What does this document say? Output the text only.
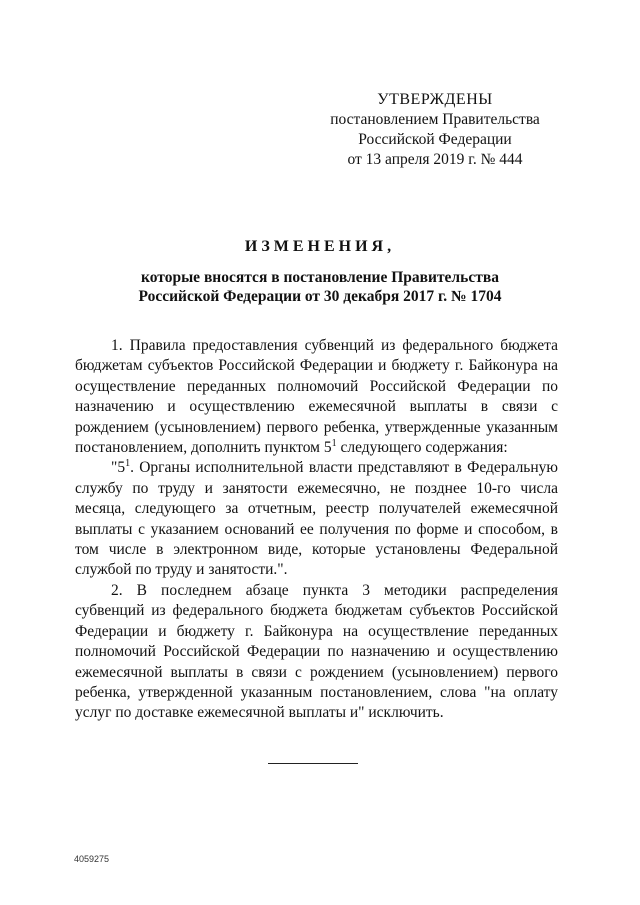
УТВЕРЖДЕНЫ
постановлением Правительства
Российской Федерации
от 13 апреля 2019 г. № 444
ИЗМЕНЕНИЯ,
которые вносятся в постановление Правительства
Российской Федерации от 30 декабря 2017 г. № 1704

1. Правила предоставления субвенций из федерального бюджета бюджетам субъектов Российской Федерации и бюджету г. Байконура на осуществление переданных полномочий Российской Федерации по назначению и осуществлению ежемесячной выплаты в связи с рождением (усыновлением) первого ребенка, утвержденные указанным постановлением, дополнить пунктом $5^1$ следующего содержания:

"$5^1$. Органы исполнительной власти представляют в Федеральную службу по труду и занятости ежемесячно, не позднее 10-го числа месяца, следующего за отчетным, реестр получателей ежемесячной выплаты с указанием оснований ее получения по форме и способом, в том числе в электронном виде, которые установлены Федеральной службой по труду и занятости.".

2. В последнем абзаце пункта 3 методики распределения субвенций из федерального бюджета бюджетам субъектов Российской Федерации и бюджету г. Байконура на осуществление переданных полномочий Российской Федерации по назначению и осуществлению ежемесячной выплаты в связи с рождением (усыновлением) первого ребенка, утвержденной указанным постановлением, слова "на оплату услуг по доставке ежемесячной выплаты и" исключить.

4059275
